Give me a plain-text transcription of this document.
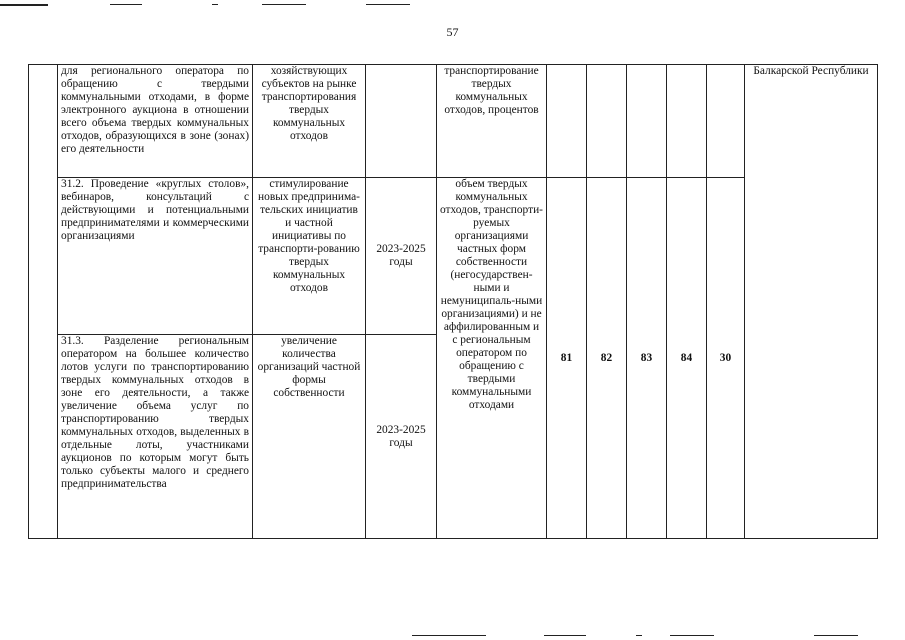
57

	для регионального оператора по обращению с твердыми коммунальными отходами, в форме электронного аукциона в отношении всего объема твердых коммунальных отходов, образующихся в зоне (зонах) его деятельности	хозяйствующих субъектов на рынке транспортирования твердых коммунальных отходов		транспортирование твердых коммунальных отходов, процентов						Балкарской Республики

	31.2. Проведение «круглых столов», вебинаров, консультаций с действующими и потенциальными предпринимателями и коммерческими организациями	стимулирование новых предпринима-тельских инициатив и частной инициативы по транспорти-рованию твердых коммунальных отходов	2023-2025 годы	объем твердых коммунальных отходов, транспорти-руемых организациями частных форм собственности (негосударствен-ными и немуниципаль-ными организациями) и не аффилированным и с региональным оператором по обращению с твердыми коммунальными отходами	81	82	83	84	30	

	31.3. Разделение региональным оператором на большее количество лотов услуги по транспортированию твердых коммунальных отходов в зоне его деятельности, а также увеличение объема услуг по транспортированию твердых коммунальных отходов, выделенных в отдельные лоты, участниками аукционов по которым могут быть только субъекты малого и среднего предпринимательства	увеличение количества организаций частной формы собственности	2023-2025 годы							
